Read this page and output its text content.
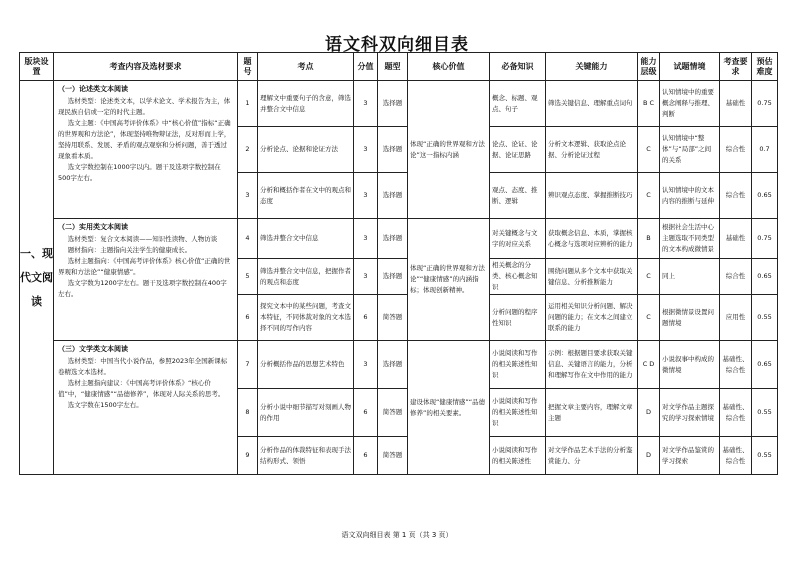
语文科双向细目表
版块设置	考查内容及选材要求	题号	考点	分值	题型	核心价值	必备知识	关键能力	能力层级	试题情境	考查要求	预估难度
一、现代文阅读	（一）论述类文本阅读

选材类型：论述类文本，以学术论文、学术报告为主，体现民族自信或一定的时代主题。

选文主题：《中国高考评价体系》中“核心价值”指标“正确的世界观和方法论”，体现坚持唯物辩证法，反对形而上学，坚持用联系、发展、矛盾的观点观察和分析问题，善于透过现象看本质。

选文字数控制在1000字以内。题干及选项字数控制在500字左右。	1	理解文中重要句子的含意，筛选并整合文中信息	3	选择题	体现“正确的世界观和方法论”这一指标内涵	概念、标题、观点、句子	筛选关键信息、理解重点词句	B C	认知情境中的重要概念阐释与推理、判断	基础性	0.75
		2	分析论点、论据和论证方法	3	选择题		论点、论证、论据、论证思路	分析文本逻辑、获取论点论据、分析论证过程	C	认知情境中“整体”与“局部”之间的关系	综合性	0.7
		3	分析和概括作者在文中的观点和态度	3	选择题		观点、态度、推断、逻辑	辨识观点态度、掌握推断技巧	C	认知情境中的文本内容的推断与延伸	综合性	0.65

	（二）实用类文本阅读

选材类型：复合文本阅读——知识性读物、人物访谈

题材指向：主题指向关注学生的健康成长。

选材主题指向：《中国高考评价体系》核心价值“正确的世界观和方法论”“健康情感”。

选文字数为1200字左右。题干及选项字数控制在400字左右。	4	筛选并整合文中信息	3	选择题	体现“正确的世界观和方法论”“健康情感”的内涵指标；体现创新精神。	对关键概念与文字的对应关系	获取概念信息、本质，掌握核心概念与选项对应辨析的能力	B	根据社会生活中心主题选取不同类型的文本构成微情景	基础性	0.75
		5	筛选并整合文中信息，把握作者的观点和态度	3	选择题		相关概念的分类、核心概念知识	围绕问题从多个文本中获取关键信息、分析推断能力	C	同上	综合性	0.65
		6	探究文本中的某些问题，考查文本特征，不同体裁对象的文本选择不同的写作内容	6	简答题		分析问题的程序性知识	运用相关知识分析问题、解决问题的能力；在文本之间建立联系的能力	C	根据微情景设置问题情境	应用性	0.55

	（三）文学类文本阅读

选材类型：中国当代小说作品，参照2023年全国新课标卷精选文本选材。

选材主题指向建议：《中国高考评价体系》“核心价值”中，“健康情感”“品德修养”，体现对人际关系的思考。

选文字数在1500字左右。	7	分析概括作品的思想艺术特色	3	选择题	建设体现“健康情感”“品德修养”的相关要素。	小说阅读和写作的相关陈述性知识	示例：根据题目要求获取关键信息、关键语言的能力，分析和理解写作在文中作用的能力	C D	小说叙事中构成的微情境	基础性、综合性	0.65
		8	分析小说中细节描写对刻画人物的作用	6	简答题		小说阅读和写作的相关陈述性知识	把握文章主要内容，理解文章主题	D	对文学作品主题探究的学习探索情境	基础性、综合性	0.55
		9	分析作品的体裁特征和表现手法结构形式、领悟	6	简答题		小说阅读和写作的相关陈述性	对文学作品艺术手法的分析鉴赏能力、分	D	对文学作品鉴赏的学习探索	基础性、综合性	0.55
语文双向细目表 第 1 页（共 3 页）
